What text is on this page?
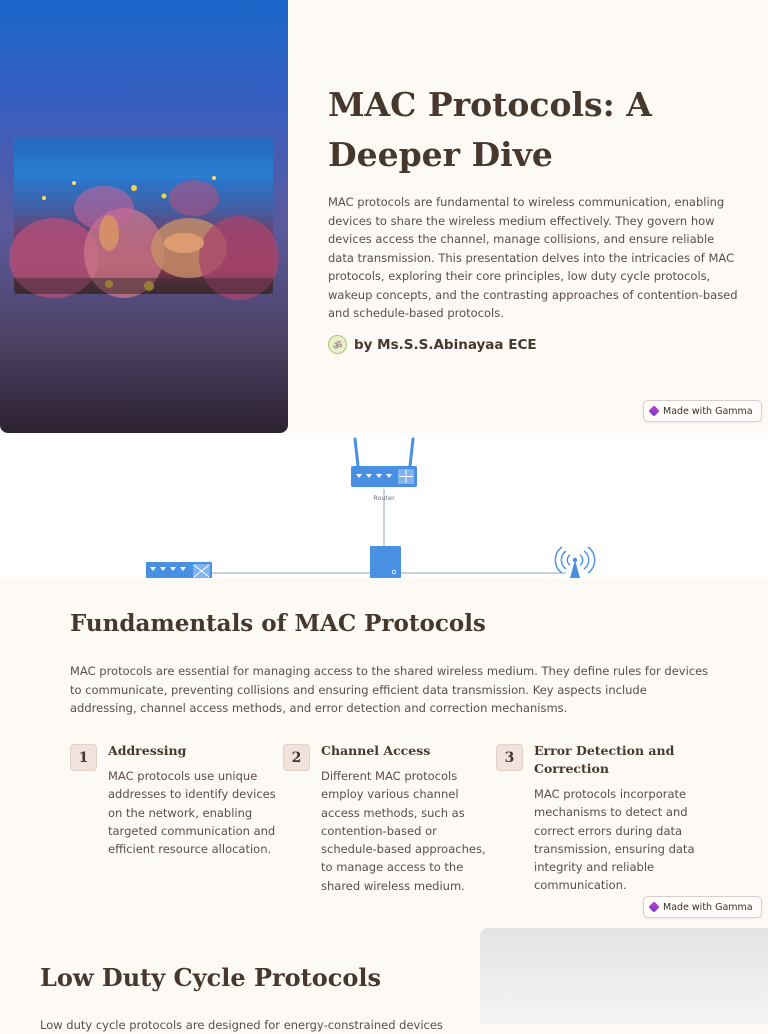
MAC Protocols: A Deeper Dive

MAC protocols are fundamental to wireless communication, enabling devices to share the wireless medium effectively. They govern how devices access the channel, manage collisions, and ensure reliable data transmission. This presentation delves into the intricacies of MAC protocols, exploring their core principles, low duty cycle protocols, wakeup concepts, and the contrasting approaches of contention-based and schedule-based protocols.

ॐ by Ms.S.S.Abinayaa ECE
Made with Gamma
Router
Fundamentals of MAC Protocols

MAC protocols are essential for managing access to the shared wireless medium. They define rules for devices to communicate, preventing collisions and ensuring efficient data transmission. Key aspects include addressing, channel access methods, and error detection and correction mechanisms.

1	Addressing

MAC protocols use unique addresses to identify devices on the network, enabling targeted communication and efficient resource allocation.

2	Channel Access

Different MAC protocols employ various channel access methods, such as contention-based or schedule-based approaches, to manage access to the shared wireless medium.

3	Error Detection and Correction

MAC protocols incorporate mechanisms to detect and correct errors during data transmission, ensuring data integrity and reliable communication.

Made with Gamma
Low Duty Cycle Protocols

Low duty cycle protocols are designed for energy-constrained devices
